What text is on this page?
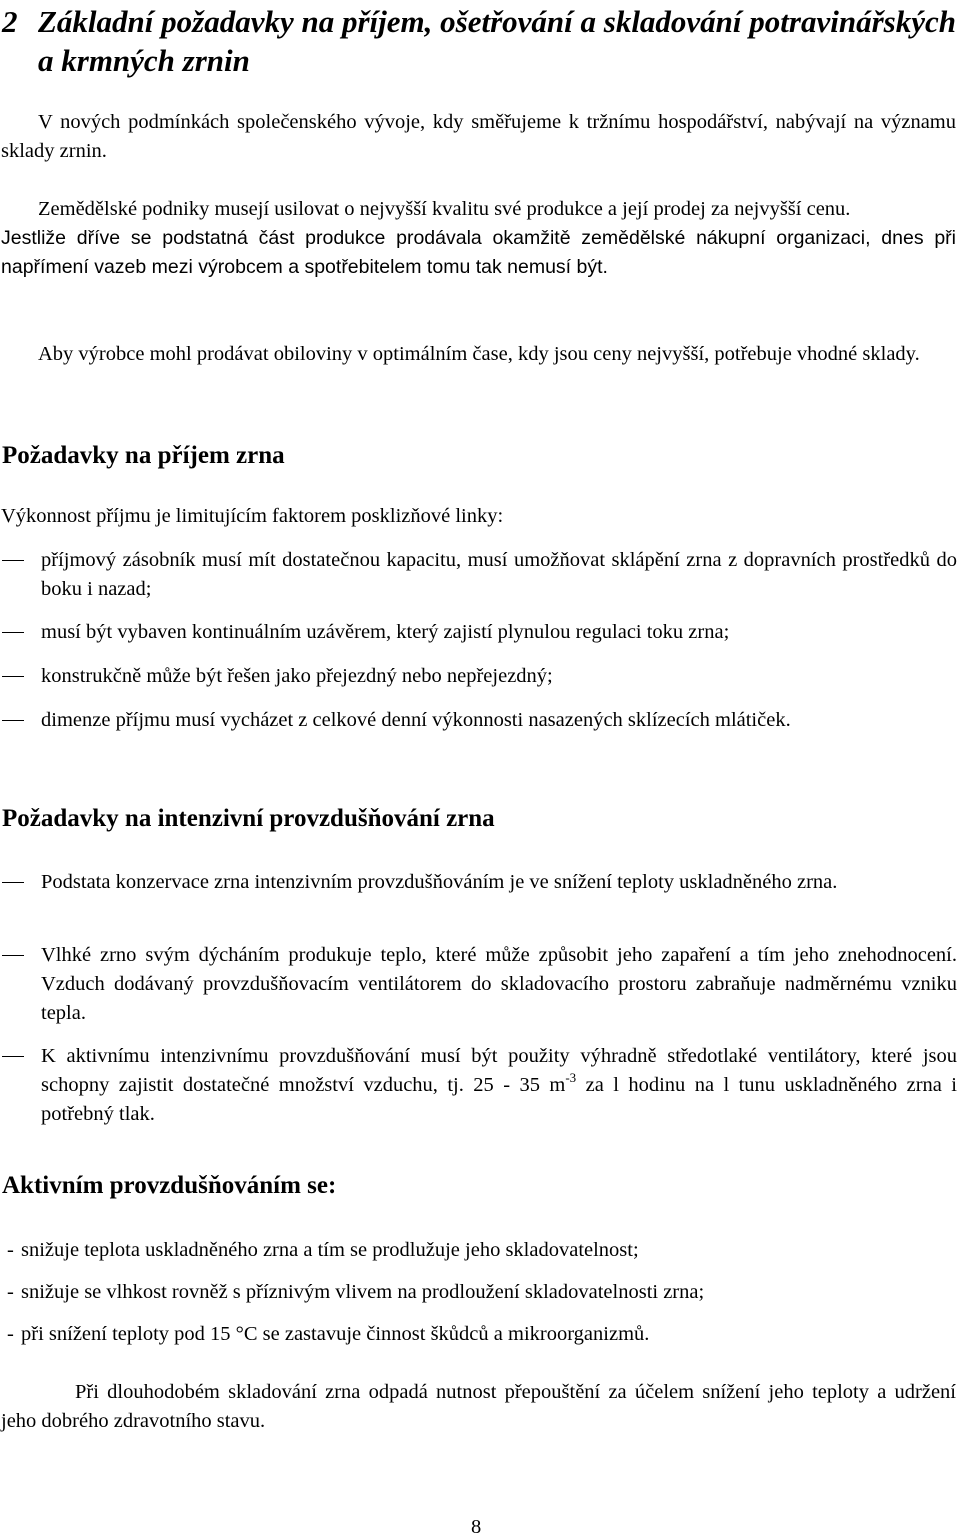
2 Základní požadavky na příjem, ošetřování a skladování potravinářských a krmných zrnin

V nových podmínkách společenského vývoje, kdy směřujeme k tržnímu hospodářství, nabývají na významu sklady zrnin.

Zemědělské podniky musejí usilovat o nejvyšší kvalitu své produkce a její prodej za nejvyšší cenu.

Jestliže dříve se podstatná část produkce prodávala okamžitě zemědělské nákupní organizaci, dnes při napřímení vazeb mezi výrobcem a spotřebitelem tomu tak nemusí být.

Aby výrobce mohl prodávat obiloviny v optimálním čase, kdy jsou ceny nejvyšší, potřebuje vhodné sklady.

Požadavky na příjem zrna

Výkonnost příjmu je limitujícím faktorem posklizňové linky:

příjmový zásobník musí mít dostatečnou kapacitu, musí umožňovat sklápění zrna z dopravních prostředků do boku i nazad;
musí být vybaven kontinuálním uzávěrem, který zajistí plynulou regulaci toku zrna;
konstrukčně může být řešen jako přejezdný nebo nepřejezdný;
dimenze příjmu musí vycházet z celkové denní výkonnosti nasazených sklízecích mlátiček.
Požadavky na intenzivní provzdušňování zrna
Podstata konzervace zrna intenzivním provzdušňováním je ve snížení teploty uskladněného zrna.
Vlhké zrno svým dýcháním produkuje teplo, které může způsobit jeho zapaření a tím jeho znehodnocení. Vzduch dodávaný provzdušňovacím ventilátorem do skladovacího prostoru zabraňuje nadměrnému vzniku tepla.
K aktivnímu intenzivnímu provzdušňování musí být použity výhradně středotlaké ventilátory, které jsou schopny zajistit dostatečné množství vzduchu, tj. 25 - 35 $m^{-3}$ za l hodinu na l tunu uskladněného zrna i potřebný tlak.
Aktivním provzdušňováním se:
- snižuje teplota uskladněného zrna a tím se prodlužuje jeho skladovatelnost;
- snižuje se vlhkost rovněž s příznivým vlivem na prodloužení skladovatelnosti zrna;
- při snížení teploty pod 15 °C se zastavuje činnost škůdců a mikroorganizmů.

Při dlouhodobém skladování zrna odpadá nutnost přepouštění za účelem snížení jeho teploty a udržení jeho dobrého zdravotního stavu.

8
